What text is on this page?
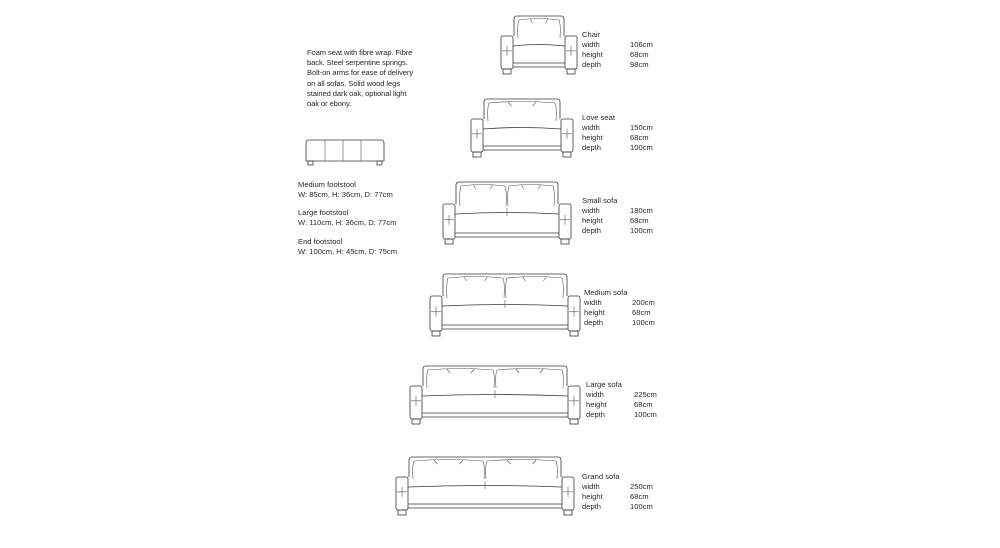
Foam seat with fibre wrap. Fibre
back. Steel serpentine springs.
Bolt-on arms for ease of delivery
on all sofas. Solid wood legs
stained dark oak, optional light
oak or ebony.
Medium footstool
W: 85cm, H: 36cm, D: 77cm
Large footstool
W: 110cm, H: 36cm, D: 77cm
End footstool
W: 100cm, H: 45cm, D: 75cm
Chair
width	106cm
height	68cm
depth	98cm
Love seat
width	150cm
height	68cm
depth	100cm
Small sofa
width	180cm
height	68cm
depth	100cm
Medium sofa
width	200cm
height	68cm
depth	100cm
Large sofa
width	225cm
height	68cm
depth	100cm
Grand sofa
width	250cm
height	68cm
depth	100cm
